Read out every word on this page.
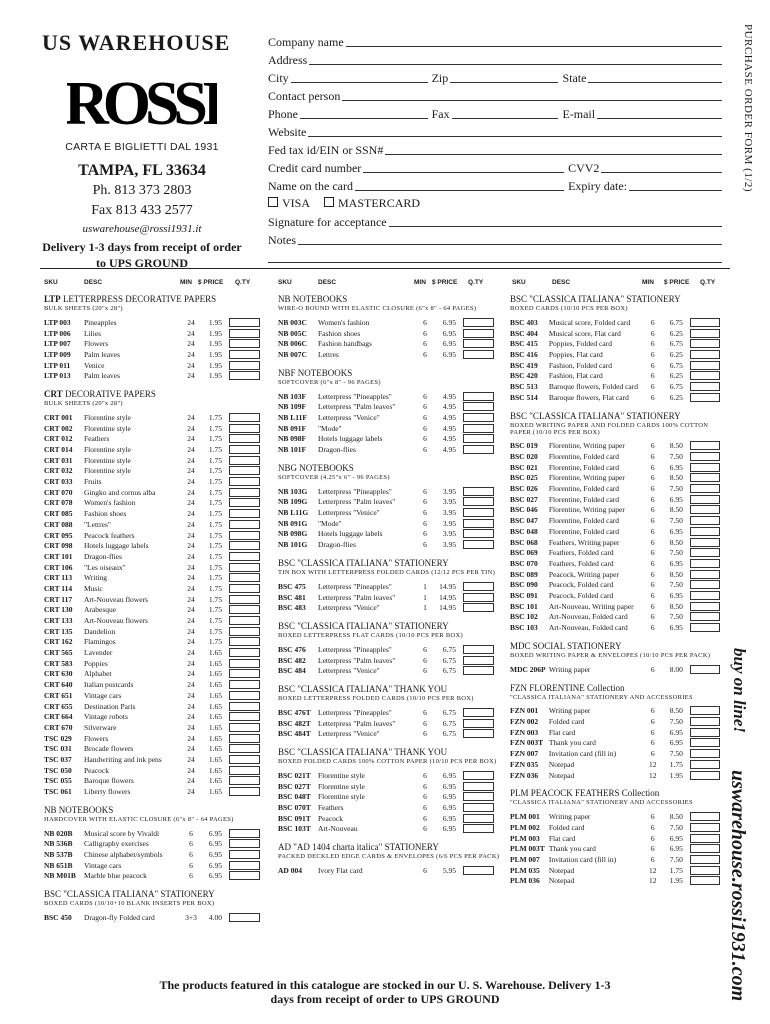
US WAREHOUSE
ROSSI
CARTA E BIGLIETTI DAL 1931
TAMPA, FL 33634
Ph. 813 373 2803
Fax 813 433 2577
uswarehouse@rossi1931.it
Delivery 1-3 days from receipt of order to UPS GROUND
Company name
Address
City	Zip	State
Contact person
Phone	Fax	E-mail
Website
Fed tax id/EIN or SSN#
Credit card number	CVV2
Name on the card	Expiry date:
VISA MASTERCARD
Signature for acceptance
Notes
PURCHASE ORDER FORM (1/2)
SKU	DESC	MIN $ PRICE Q.TY	SKU	DESC	MIN $ PRICE Q.TY	SKU	DESC	MIN $ PRICE Q.TY
LTP LETTERPRESS DECORATIVE PAPERS
BULK SHEETS (20"x 28")
LTP 003	Pineapples	24	1.95
LTP 006	Lilies	24	1.95
LTP 007	Flowers	24	1.95
LTP 009	Palm leaves	24	1.95
LTP 011	Venice	24	1.95
LTP 013	Palm leaves	24	1.95
CRT DECORATIVE PAPERS
BULK SHEETS (20"x 28")
CRT 001	Florentine style	24	1.75
CRT 002	Florentine style	24	1.75
CRT 012	Feathers	24	1.75
CRT 014	Florentine style	24	1.75
CRT 031	Florentine style	24	1.75
CRT 032	Florentine style	24	1.75
CRT 033	Fruits	24	1.75
CRT 070	Gingko and cornus alba	24	1.75
CRT 078	Women's fashion	24	1.75
CRT 085	Fashion shoes	24	1.75
CRT 088	"Lettres"	24	1.75
CRT 095	Peacock feathers	24	1.75
CRT 098	Hotels luggage labels	24	1.75
CRT 101	Dragon-flies	24	1.75
CRT 106	"Les oiseaux"	24	1.75
CRT 113	Writing	24	1.75
CRT 114	Music	24	1.75
CRT 117	Art-Nouveau flowers	24	1.75
CRT 130	Arabesque	24	1.75
CRT 133	Art-Nouveau flowers	24	1.75
CRT 135	Dandelion	24	1.75
CRT 162	Flamingos	24	1.75
CRT 565	Lavender	24	1.65
CRT 583	Poppies	24	1.65
CRT 630	Alphabet	24	1.65
CRT 640	Italian postcards	24	1.65
CRT 651	Vintage cars	24	1.65
CRT 655	Destination Paris	24	1.65
CRT 664	Vintage robots	24	1.65
CRT 670	Silverware	24	1.65
TSC 029	Flowers	24	1.65
TSC 031	Brocade flowers	24	1.65
TSC 037	Handwriting and ink pens	24	1.65
TSC 050	Peacock	24	1.65
TSC 055	Baroque flowers	24	1.65
TSC 061	Liberty flowers	24	1.65
NB NOTEBOOKS
HARDCOVER WITH ELASTIC CLOSURE (6"x 8" - 64 PAGES)
NB 020B	Musical score by Vivaldi	6	6.95
NB 536B	Calligraphy exercises	6	6.95
NB 537B	Chinese alphabet/symbols	6	6.95
NB 651B	Vintage cars	6	6.95
NB M01B	Marble blue peacock	6	6.95
BSC "CLASSICA ITALIANA" STATIONERY
BOXED CARDS (10/10+10 BLANK INSERTS PER BOX)
BSC 450	Dragon-fly Folded card	3+3	4.00
NB NOTEBOOKS
WIRE-O BOUND WITH ELASTIC CLOSURE (6"x 8" - 64 PAGES)
NB 003C	Women's fashion	6	6.95
NB 005C	Fashion shoes	6	6.95
NB 006C	Fashion handbags	6	6.95
NB 007C	Lettres	6	6.95
NBF NOTEBOOKS
SOFTCOVER (6"x 8" - 96 PAGES)
NB 103F	Letterpress "Pineapples"	6	4.95
NB 109F	Letterpress "Palm leaves"	6	4.95
NB L11F	Letterpress "Venice"	6	4.95
NB 091F	"Mode"	6	4.95
NB 098F	Hotels luggage labels	6	4.95
NB 101F	Dragon-flies	6	4.95
NBG NOTEBOOKS
SOFTCOVER (4.25"x 6" - 96 PAGES)
NB 103G	Letterpress "Pineapples"	6	3.95
NB 109G	Letterpress "Palm leaves"	6	3.95
NB L11G	Letterpress "Venice"	6	3.95
NB 091G	"Mode"	6	3.95
NB 098G	Hotels luggage labels	6	3.95
NB 101G	Dragon-flies	6	3.95
BSC "CLASSICA ITALIANA" STATIONERY
TIN BOX WITH LETTERPRESS FOLDED CARDS (12/12 PCS PER TIN)
BSC 475	Letterpress "Pineapples"	1	14.95
BSC 481	Letterpress "Palm leaves"	1	14.95
BSC 483	Letterpress "Venice"	1	14.95
BSC "CLASSICA ITALIANA" STATIONERY
BOXED LETTERPRESS FLAT CARDS (10/10 PCS PER BOX)
BSC 476	Letterpress "Pineapples"	6	6.75
BSC 482	Letterpress "Palm leaves"	6	6.75
BSC 484	Letterpress "Venice"	6	6.75
BSC "CLASSICA ITALIANA" THANK YOU
BOXED LETTERPRESS FOLDED CARDS (10/10 PCS PER BOX)
BSC 476T Letterpress "Pineapples"	6	6.75
BSC 482T Letterpress "Palm leaves"	6	6.75
BSC 484T Letterpress "Venice"	6	6.75
BSC "CLASSICA ITALIANA" THANK YOU
BOXED FOLDED CARDS 100% COTTON PAPER (10/10 PCS PER BOX)
BSC 021T Florentine style	6	6.95
BSC 027T Florentine style	6	6.95
BSC 048T Florentine style	6	6.95
BSC 070T Feathers	6	6.95
BSC 091T Peacock	6	6.95
BSC 103T Art-Nouveau	6	6.95
AD "AD 1404 charta italica" STATIONERY
PACKED DECKLED EDGE CARDS & ENVELOPES (6/6 PCS PER PACK)
AD 004	Ivory Flat card	6	5.95
BSC "CLASSICA ITALIANA" STATIONERY
BOXED CARDS (10/10 PCS PER BOX)
BSC 403	Musical score, Folded card	6	6.75
BSC 404	Musical score, Flat card	6	6.25
BSC 415	Poppies, Folded card	6	6.75
BSC 416	Poppies, Flat card	6	6.25
BSC 419	Fashion, Folded card	6	6.75
BSC 420	Fashion, Flat card	6	6.25
BSC 513	Baroque flowers, Folded card	6	6.75
BSC 514	Baroque flowers, Flat card	6	6.25
BSC "CLASSICA ITALIANA" STATIONERY
BOXED WRITING PAPER AND FOLDED CARDS 100% COTTON PAPER (10/10 PCS PER BOX)
BSC 019	Florentine, Writing paper	6	8.50
BSC 020	Florentine, Folded card	6	7.50
BSC 021	Florentine, Folded card	6	6.95
BSC 025	Florentine, Writing paper	6	8.50
BSC 026	Florentine, Folded card	6	7.50
BSC 027	Florentine, Folded card	6	6.95
BSC 046	Florentine, Writing paper	6	8.50
BSC 047	Florentine, Folded card	6	7.50
BSC 048	Florentine, Folded card	6	6.95
BSC 068	Feathers, Writing paper	6	8.50
BSC 069	Feathers, Folded card	6	7.50
BSC 070	Feathers, Folded card	6	6.95
BSC 089	Peacock, Writing paper	6	8.50
BSC 090	Peacock, Folded card	6	7.50
BSC 091	Peacock, Folded card	6	6.95
BSC 101	Art-Nouveau, Writing paper	6	8.50
BSC 102	Art-Nouveau, Folded card	6	7.50
BSC 103	Art-Nouveau, Folded card	6	6.95
MDC SOCIAL STATIONERY
BOXED WRITING PAPER & ENVELOPES (10/10 PCS PER PACK)
MDC 206P Writing paper	6	8.00
FZN FLORENTINE Collection
"CLASSICA ITALIANA" STATIONERY AND ACCESSORIES
FZN 001	Writing paper	6	8.50
FZN 002	Folded card	6	7.50
FZN 003	Flat card	6	6.95
FZN 003T Thank you card	6	6.95
FZN 007	Invitation card (fill in)	6	7.50
FZN 035	Notepad	12	1.75
FZN 036	Notepad	12	1.95
PLM PEACOCK FEATHERS Collection
"CLASSICA ITALIANA" STATIONERY AND ACCESSORIES
PLM 001	Writing paper	6	8.50
PLM 002	Folded card	6	7.50
PLM 003	Flat card	6	6.95
PLM 003T Thank you card	6	6.95
PLM 007	Invitation card (fill in)	6	7.50
PLM 035	Notepad	12	1.75
PLM 036	Notepad	12	1.95
buy on line!
uswarehouse.rossi1931.com
The products featured in this catalogue are stocked in our U. S. Warehouse. Delivery 1-3 days from receipt of order to UPS GROUND
